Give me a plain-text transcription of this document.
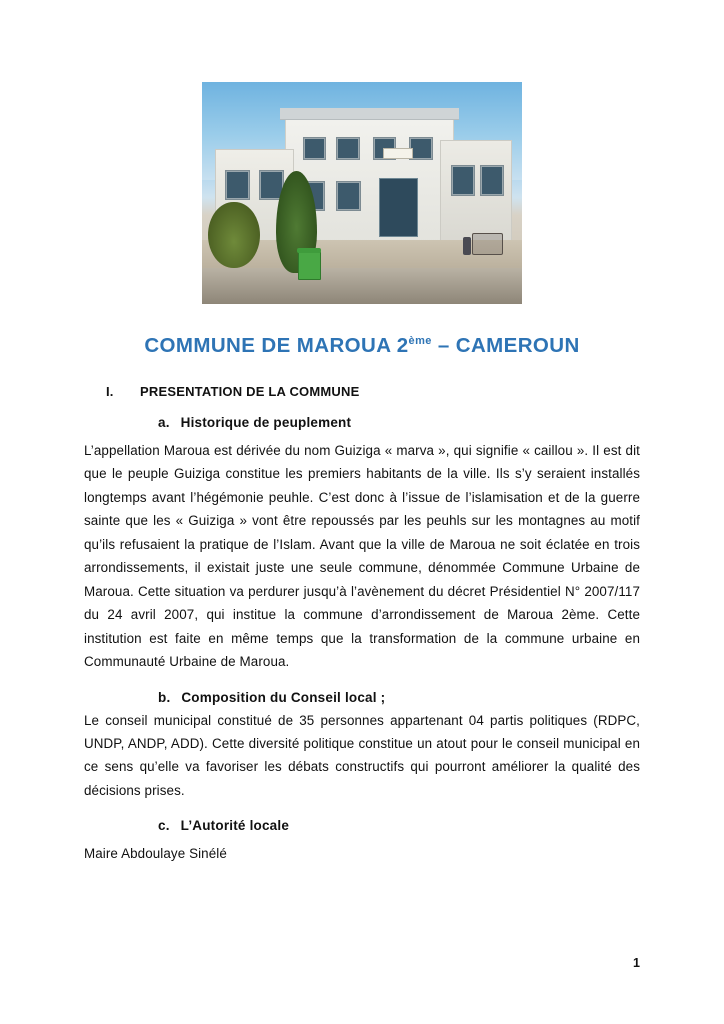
COMMUNE DE MAROUA 2ème – CAMEROUN
I.	PRESENTATION DE LA COMMUNE
a. Historique de peuplement

L’appellation Maroua est dérivée du nom Guiziga « marva », qui signifie « caillou ». Il est dit que le peuple Guiziga constitue les premiers habitants de la ville. Ils s’y seraient installés longtemps avant l’hégémonie peuhle. C’est donc à l’issue de l’islamisation et de la guerre sainte que les « Guiziga » vont être repoussés par les peuhls sur les montagnes au motif qu’ils refusaient la pratique de l’Islam. Avant que la ville de Maroua ne soit éclatée en trois arrondissements, il existait juste une seule commune, dénommée Commune Urbaine de Maroua. Cette situation va perdurer jusqu’à l’avènement du décret Présidentiel N° 2007/117 du 24 avril 2007, qui institue la commune d’arrondissement de Maroua 2ème. Cette institution est faite en même temps que la transformation de la commune urbaine en Communauté Urbaine de Maroua.

b. Composition du Conseil local ;

Le conseil municipal constitué de 35 personnes appartenant 04 partis politiques (RDPC, UNDP, ANDP, ADD). Cette diversité politique constitue un atout pour le conseil municipal en ce sens qu’elle va favoriser les débats constructifs qui pourront améliorer la qualité des décisions prises.

c. L’Autorité locale

Maire Abdoulaye Sinélé

1
